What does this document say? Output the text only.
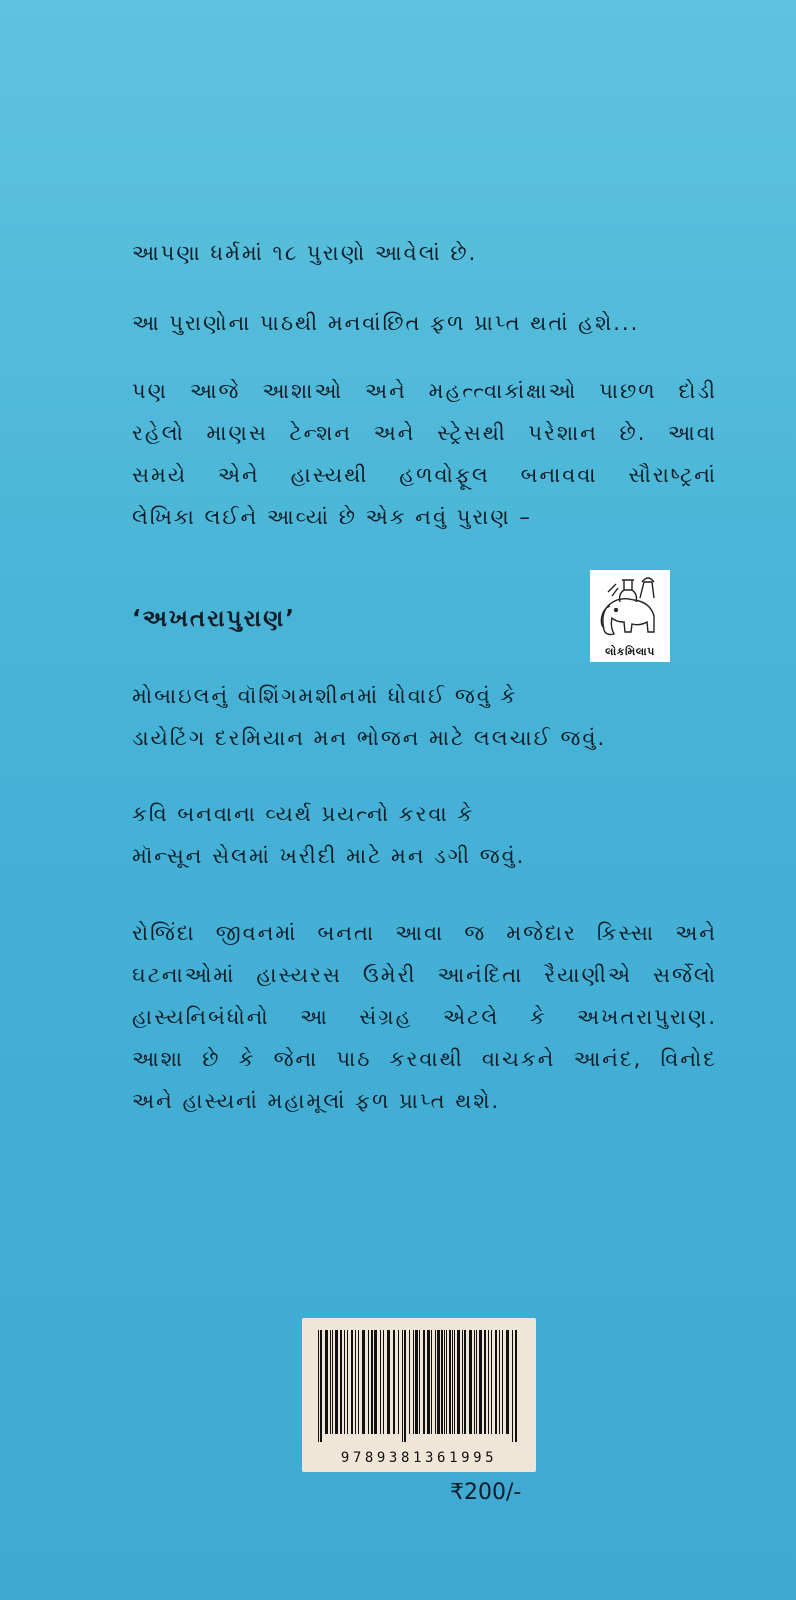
આપણા ધર્મમાં ૧૮ પુરાણો આવેલાં છે.
આ પુરાણોના પાઠથી મનવાંછિત ફળ પ્રાપ્ત થતાં હશે...
પણ આજે આશાઓ અને મહત્ત્વાકાંક્ષાઓ પાછળ દોડી
રહેલો માણસ ટેન્શન અને સ્ટ્રેસથી પરેશાન છે. આવા
સમયે એને હાસ્યથી હળવોફૂલ બનાવવા સૌરાષ્ટ્રનાં
લેખિકા લઈને આવ્યાં છે એક નવું પુરાણ –
‘અખતરાપુરાણ’
લોકમિલાપ
મોબાઇલનું વૉશિંગમશીનમાં ધોવાઈ જવું કે
ડાયેટિંગ દરમિયાન મન ભોજન માટે લલચાઈ જવું.
કવિ બનવાના વ્યર્થ પ્રયત્નો કરવા કે
મૉન્સૂન સેલમાં ખરીદી માટે મન ડગી જવું.
રોજિંદા જીવનમાં બનતા આવા જ મજેદાર કિસ્સા અને
ઘટનાઓમાં હાસ્યરસ ઉમેરી આનંદિતા રૈયાણીએ સર્જેલો
હાસ્યનિબંધોનો આ સંગ્રહ એટલે કે અખતરાપુરાણ.
આશા છે કે જેના પાઠ કરવાથી વાચકને આનંદ, વિનોદ
અને હાસ્યનાં મહામૂલાં ફળ પ્રાપ્ત થશે.
9789381361995
₹200/-
